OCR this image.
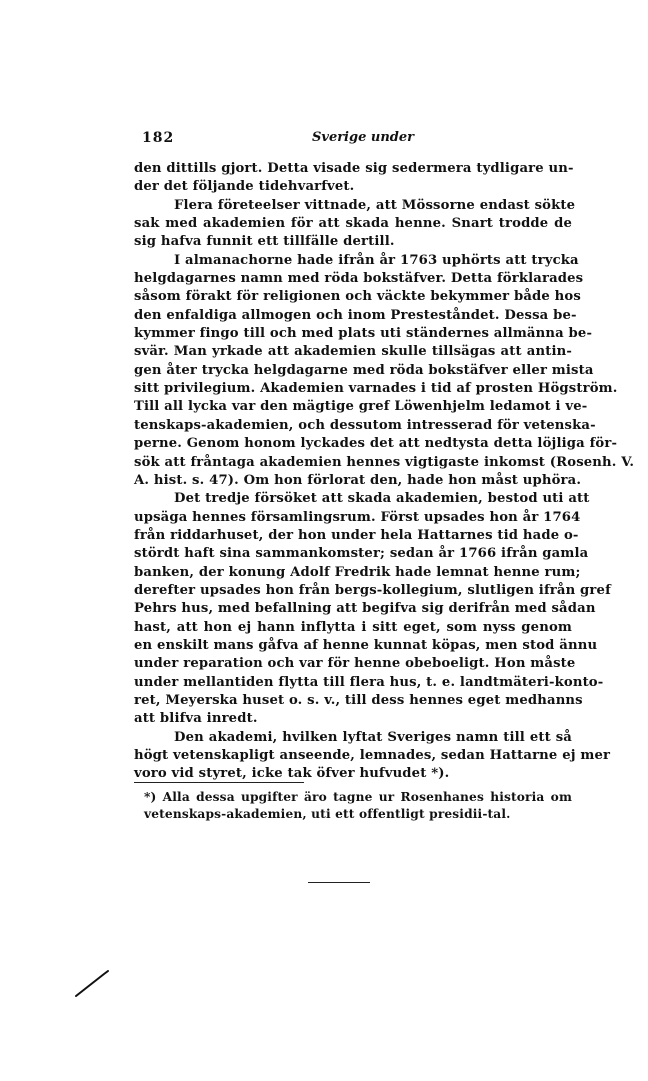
182	Sverige under
den dittills gjort. Detta visade sig sedermera tydligare un-
der det följande tidehvarfvet.
Flera företeelser vittnade, att Mössorne endast sökte
sak med akademien för att skada henne. Snart trodde de
sig hafva funnit ett tillfälle dertill.
I almanachorne hade ifrån år 1763 uphörts att trycka
helgdagarnes namn med röda bokstäfver. Detta förklarades
såsom förakt för religionen och väckte bekymmer både hos
den enfaldiga allmogen och inom Presteståndet. Dessa be-
kymmer fingo till och med plats uti ständernes allmänna be-
svär. Man yrkade att akademien skulle tillsägas att antin-
gen åter trycka helgdagarne med röda bokstäfver eller mista
sitt privilegium. Akademien varnades i tid af prosten Högström.
Till all lycka var den mägtige gref Löwenhjelm ledamot i ve-
tenskaps-akademien, och dessutom intresserad för vetenska-
perne. Genom honom lyckades det att nedtysta detta löjliga för-
sök att fråntaga akademien hennes vigtigaste inkomst (Rosenh. V.
A. hist. s. 47). Om hon förlorat den, hade hon måst uphöra.
Det tredje försöket att skada akademien, bestod uti att
upsäga hennes församlingsrum. Först upsades hon år 1764
från riddarhuset, der hon under hela Hattarnes tid hade o-
stördt haft sina sammankomster; sedan år 1766 ifrån gamla
banken, der konung Adolf Fredrik hade lemnat henne rum;
derefter upsades hon från bergs-kollegium, slutligen ifrån gref
Pehrs hus, med befallning att begifva sig derifrån med sådan
hast, att hon ej hann inflytta i sitt eget, som nyss genom
en enskilt mans gåfva af henne kunnat köpas, men stod ännu
under reparation och var för henne obeboeligt. Hon måste
under mellantiden flytta till flera hus, t. e. landtmäteri-konto-
ret, Meyerska huset o. s. v., till dess hennes eget medhanns
att blifva inredt.
Den akademi, hvilken lyftat Sveriges namn till ett så
högt vetenskapligt anseende, lemnades, sedan Hattarne ej mer
voro vid styret, icke tak öfver hufvudet *).
*) Alla dessa upgifter äro tagne ur Rosenhanes historia om
vetenskaps-akademien, uti ett offentligt presidii-tal.
